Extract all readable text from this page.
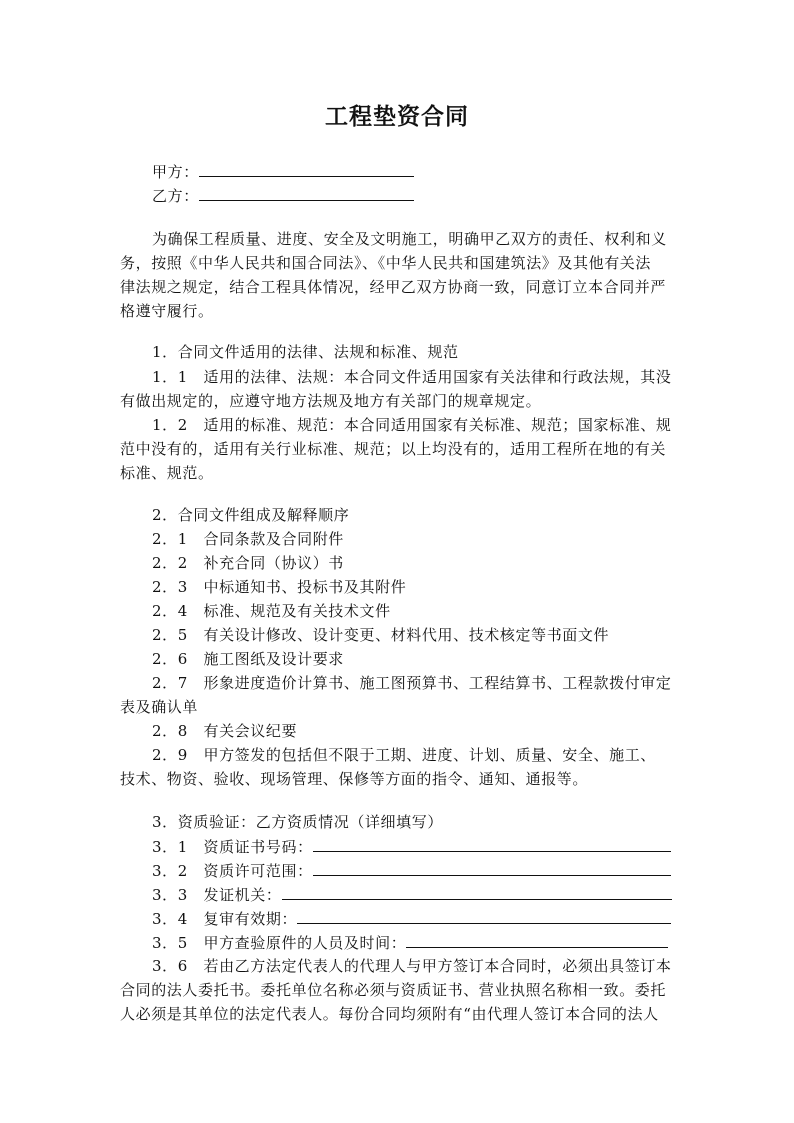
工程垫资合同
甲方：
乙方：
为确保工程质量、进度、安全及文明施工，明确甲乙双方的责任、权利和义
务，按照《中华人民共和国合同法》、《中华人民共和国建筑法》及其他有关法
律法规之规定，结合工程具体情况，经甲乙双方协商一致，同意订立本合同并严
格遵守履行。
1．合同文件适用的法律、法规和标准、规范
1．1　适用的法律、法规：本合同文件适用国家有关法律和行政法规，其没
有做出规定的，应遵守地方法规及地方有关部门的规章规定。
1．2　适用的标准、规范：本合同适用国家有关标准、规范；国家标准、规
范中没有的，适用有关行业标准、规范；以上均没有的，适用工程所在地的有关
标准、规范。
2．合同文件组成及解释顺序
2．1　合同条款及合同附件
2．2　补充合同（协议）书
2．3　中标通知书、投标书及其附件
2．4　标准、规范及有关技术文件
2．5　有关设计修改、设计变更、材料代用、技术核定等书面文件
2．6　施工图纸及设计要求
2．7　形象进度造价计算书、施工图预算书、工程结算书、工程款拨付审定
表及确认单
2．8　有关会议纪要
2．9　甲方签发的包括但不限于工期、进度、计划、质量、安全、施工、
技术、物资、验收、现场管理、保修等方面的指令、通知、通报等。
3．资质验证：乙方资质情况（详细填写）
3．1　资质证书号码：
3．2　资质许可范围：
3．3　发证机关：
3．4　复审有效期：
3．5　甲方查验原件的人员及时间：
3．6　若由乙方法定代表人的代理人与甲方签订本合同时，必须出具签订本
合同的法人委托书。委托单位名称必须与资质证书、营业执照名称相一致。委托
人必须是其单位的法定代表人。每份合同均须附有“由代理人签订本合同的法人
